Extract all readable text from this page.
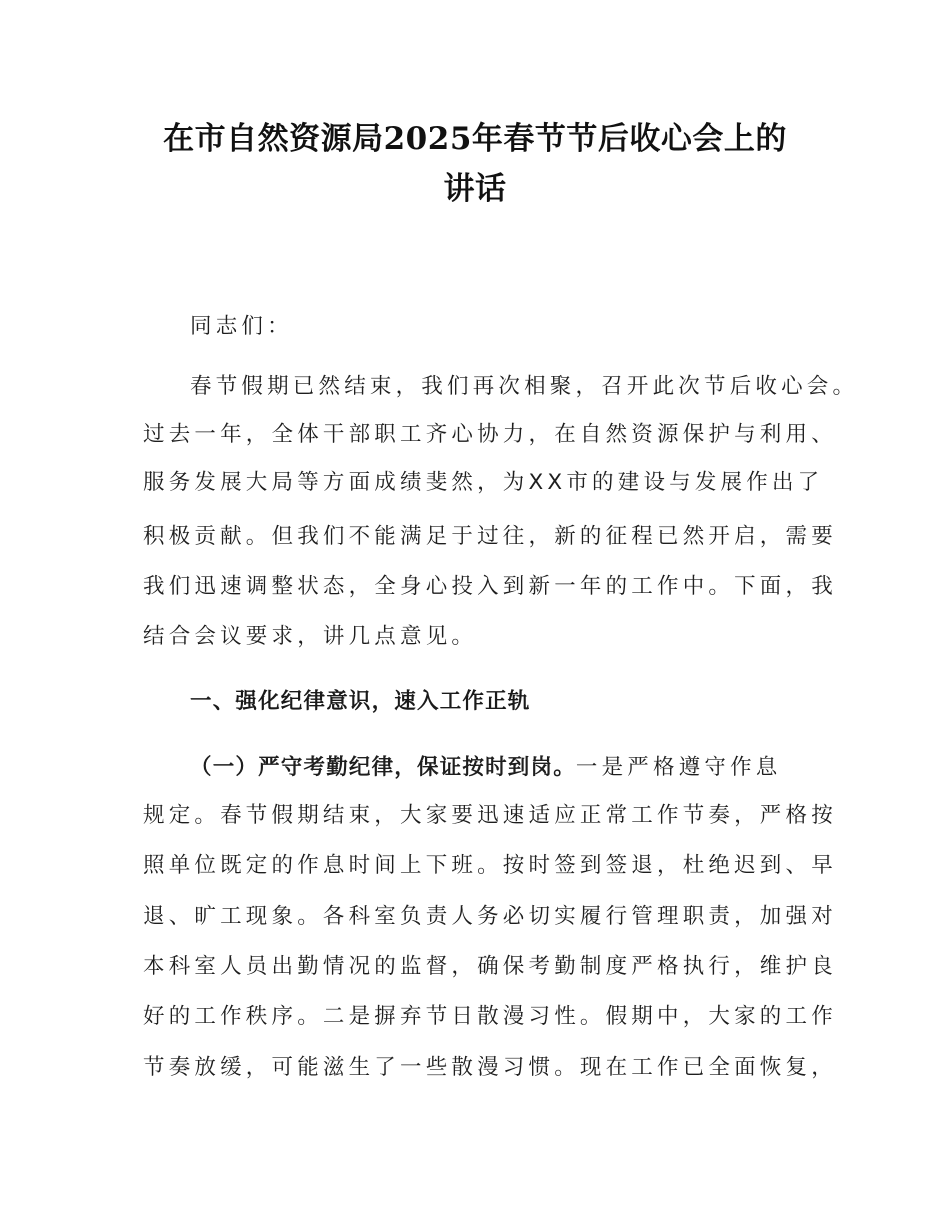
在市自然资源局2025年春节节后收心会上的
讲话
同志们：
春节假期已然结束，我们再次相聚，召开此次节后收心会。
过去一年，全体干部职工齐心协力，在自然资源保护与利用、
服务发展大局等方面成绩斐然，为XX市的建设与发展作出了
积极贡献。但我们不能满足于过往，新的征程已然开启，需要
我们迅速调整状态，全身心投入到新一年的工作中。下面，我
结合会议要求，讲几点意见。
一、强化纪律意识，速入工作正轨
（一）严守考勤纪律，保证按时到岗。一是严格遵守作息
规定。春节假期结束，大家要迅速适应正常工作节奏，严格按
照单位既定的作息时间上下班。按时签到签退，杜绝迟到、早
退、旷工现象。各科室负责人务必切实履行管理职责，加强对
本科室人员出勤情况的监督，确保考勤制度严格执行，维护良
好的工作秩序。二是摒弃节日散漫习性。假期中，大家的工作
节奏放缓，可能滋生了一些散漫习惯。现在工作已全面恢复，
